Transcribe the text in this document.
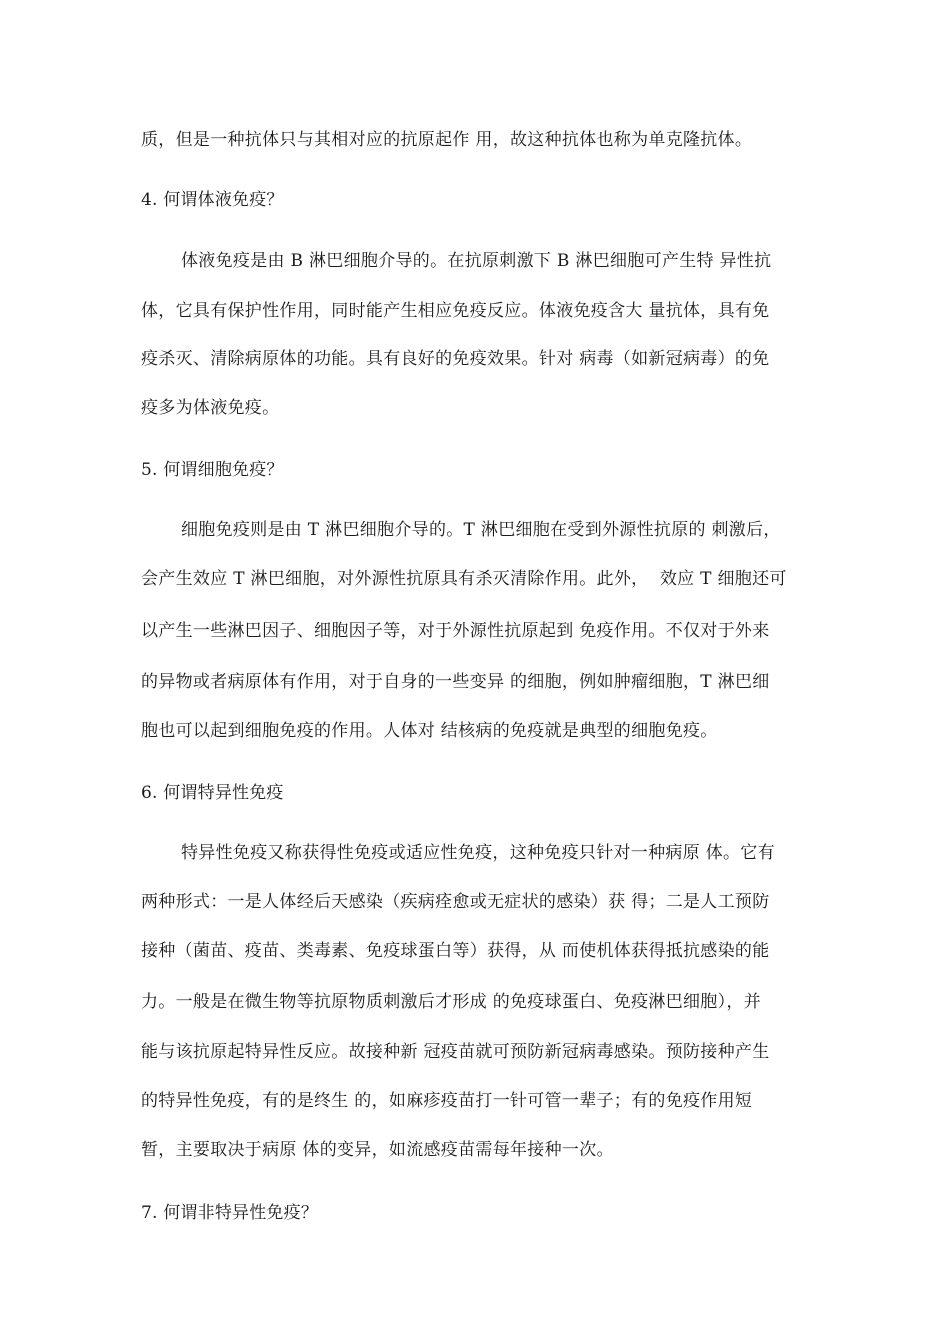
质，但是一种抗体只与其相对应的抗原起作 用，故这种抗体也称为单克隆抗体。
4. 何谓体液免疫？
体液免疫是由 B 淋巴细胞介导的。在抗原刺激下 B 淋巴细胞可产生特 异性抗
体，它具有保护性作用，同时能产生相应免疫反应。体液免疫含大 量抗体，具有免
疫杀灭、清除病原体的功能。具有良好的免疫效果。针对 病毒（如新冠病毒）的免
疫多为体液免疫。
5. 何谓细胞免疫？
细胞免疫则是由 T 淋巴细胞介导的。T 淋巴细胞在受到外源性抗原的 刺激后，
会产生效应 T 淋巴细胞，对外源性抗原具有杀灭清除作用。此外，  效应 T 细胞还可
以产生一些淋巴因子、细胞因子等，对于外源性抗原起到 免疫作用。不仅对于外来
的异物或者病原体有作用，对于自身的一些变异 的细胞，例如肿瘤细胞，T 淋巴细
胞也可以起到细胞免疫的作用。人体对 结核病的免疫就是典型的细胞免疫。
6. 何谓特异性免疫
特异性免疫又称获得性免疫或适应性免疫，这种免疫只针对一种病原 体。它有
两种形式：一是人体经后天感染（疾病痊愈或无症状的感染）获 得；二是人工预防
接种（菌苗、疫苗、类毒素、免疫球蛋白等）获得，从 而使机体获得抵抗感染的能
力。一般是在微生物等抗原物质刺激后才形成 的免疫球蛋白、免疫淋巴细胞），并
能与该抗原起特异性反应。故接种新 冠疫苗就可预防新冠病毒感染。预防接种产生
的特异性免疫，有的是终生 的，如麻疹疫苗打一针可管一辈子；有的免疫作用短
暂，主要取决于病原 体的变异，如流感疫苗需每年接种一次。
7. 何谓非特异性免疫？
